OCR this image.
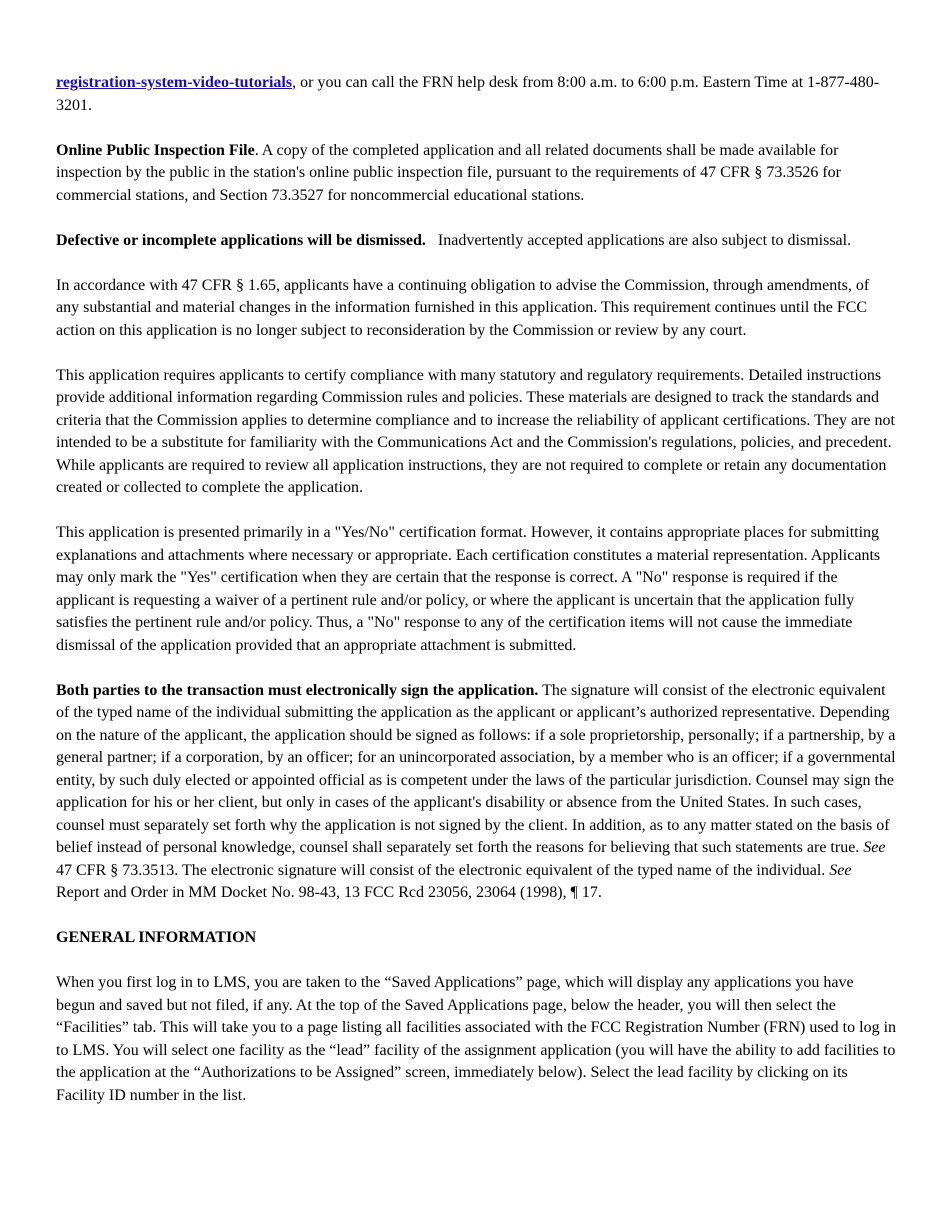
registration-system-video-tutorials, or you can call the FRN help desk from 8:00 a.m. to 6:00 p.m. Eastern Time at 1-877-480-3201.

Online Public Inspection File. A copy of the completed application and all related documents shall be made available for inspection by the public in the station's online public inspection file, pursuant to the requirements of 47 CFR § 73.3526 for commercial stations, and Section 73.3527 for noncommercial educational stations.

Defective or incomplete applications will be dismissed.   Inadvertently accepted applications are also subject to dismissal.

In accordance with 47 CFR § 1.65, applicants have a continuing obligation to advise the Commission, through amendments, of any substantial and material changes in the information furnished in this application. This requirement continues until the FCC action on this application is no longer subject to reconsideration by the Commission or review by any court.

This application requires applicants to certify compliance with many statutory and regulatory requirements. Detailed instructions provide additional information regarding Commission rules and policies. These materials are designed to track the standards and criteria that the Commission applies to determine compliance and to increase the reliability of applicant certifications. They are not intended to be a substitute for familiarity with the Communications Act and the Commission's regulations, policies, and precedent. While applicants are required to review all application instructions, they are not required to complete or retain any documentation created or collected to complete the application.

This application is presented primarily in a "Yes/No" certification format. However, it contains appropriate places for submitting explanations and attachments where necessary or appropriate. Each certification constitutes a material representation. Applicants may only mark the "Yes" certification when they are certain that the response is correct. A "No" response is required if the applicant is requesting a waiver of a pertinent rule and/or policy, or where the applicant is uncertain that the application fully satisfies the pertinent rule and/or policy. Thus, a "No" response to any of the certification items will not cause the immediate dismissal of the application provided that an appropriate attachment is submitted.

Both parties to the transaction must electronically sign the application. The signature will consist of the electronic equivalent of the typed name of the individual submitting the application as the applicant or applicant’s authorized representative. Depending on the nature of the applicant, the application should be signed as follows: if a sole proprietorship, personally; if a partnership, by a general partner; if a corporation, by an officer; for an unincorporated association, by a member who is an officer; if a governmental entity, by such duly elected or appointed official as is competent under the laws of the particular jurisdiction. Counsel may sign the application for his or her client, but only in cases of the applicant's disability or absence from the United States. In such cases, counsel must separately set forth why the application is not signed by the client. In addition, as to any matter stated on the basis of belief instead of personal knowledge, counsel shall separately set forth the reasons for believing that such statements are true. See 47 CFR § 73.3513. The electronic signature will consist of the electronic equivalent of the typed name of the individual. See Report and Order in MM Docket No. 98-43, 13 FCC Rcd 23056, 23064 (1998), ¶ 17.

GENERAL INFORMATION

When you first log in to LMS, you are taken to the “Saved Applications” page, which will display any applications you have begun and saved but not filed, if any. At the top of the Saved Applications page, below the header, you will then select the “Facilities” tab. This will take you to a page listing all facilities associated with the FCC Registration Number (FRN) used to log in to LMS. You will select one facility as the “lead” facility of the assignment application (you will have the ability to add facilities to the application at the “Authorizations to be Assigned” screen, immediately below). Select the lead facility by clicking on its Facility ID number in the list.
